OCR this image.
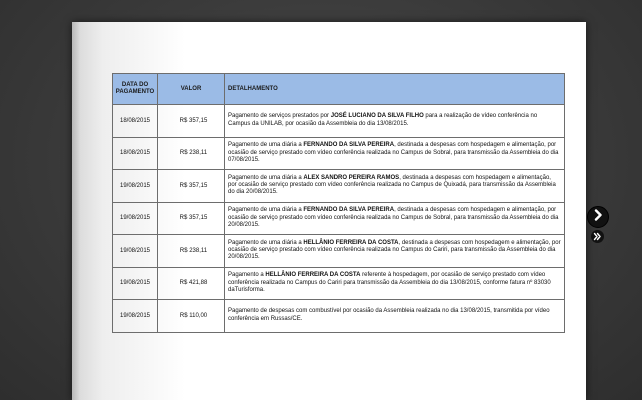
DATA DO PAGAMENTO	VALOR	DETALHAMENTO
18/08/2015	R$ 357,15	Pagamento de serviços prestados por JOSÉ LUCIANO DA SILVA FILHO para a realização de vídeo conferência no Campus da UNILAB, por ocasião da Assembleia do dia 13/08/2015.
18/08/2015	R$ 238,11	Pagamento de uma diária a FERNANDO DA SILVA PEREIRA, destinada a despesas com hospedagem e alimentação, por ocasião de serviço prestado com vídeo conferência realizada no Campus de Sobral, para transmissão da Assembleia do dia 07/08/2015.
19/08/2015	R$ 357,15	Pagamento de uma diária a ALEX SANDRO PEREIRA RAMOS, destinada a despesas com hospedagem e alimentação, por ocasião de serviço prestado com vídeo conferência realizada no Campus de Quixadá, para transmissão da Assembleia do dia 20/08/2015.
19/08/2015	R$ 357,15	Pagamento de uma diária a FERNANDO DA SILVA PEREIRA, destinada a despesas com hospedagem e alimentação, por ocasião de serviço prestado com vídeo conferência realizada no Campus de Sobral, para transmissão da Assembleia do dia 20/08/2015.
19/08/2015	R$ 238,11	Pagamento de uma diária a HELLÂNIO FERREIRA DA COSTA, destinada a despesas com hospedagem e alimentação, por ocasião de serviço prestado com vídeo conferência realizada no Campus do Cariri, para transmissão da Assembleia do dia 20/08/2015.
19/08/2015	R$ 421,88	Pagamento a HELLÂNIO FERREIRA DA COSTA referente à hospedagem, por ocasião de serviço prestado com vídeo conferência realizada no Campus do Cariri para transmissão da Assembleia do dia 13/08/2015, conforme fatura nº 83030 daTurisforma.
19/08/2015	R$ 110,00	Pagamento de despesas com combustível por ocasião da Assembleia realizada no dia 13/08/2015, transmitida por vídeo conferência em Russas/CE.
